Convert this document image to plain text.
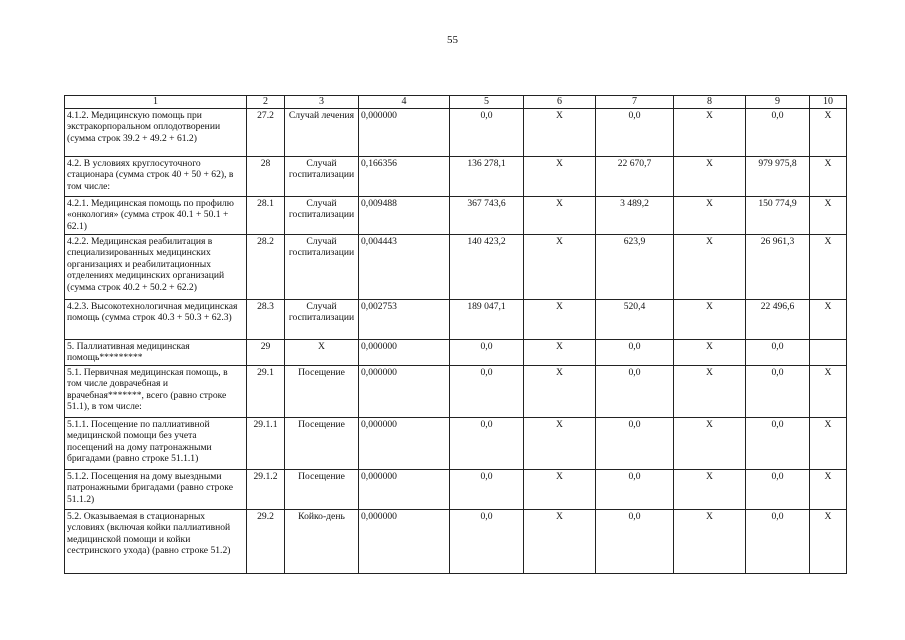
55
1	2	3	4	5	6	7	8	9	10
4.1.2. Медицинскую помощь при экстракорпоральном оплодотворении (сумма строк 39.2 + 49.2 + 61.2)	27.2	Случай лечения	0,000000	0,0	Х	0,0	Х	0,0	Х
4.2. В условиях круглосуточного стационара (сумма строк 40 + 50 + 62), в том числе:	28	Случай госпитализации	0,166356	136 278,1	Х	22 670,7	Х	979 975,8	Х
4.2.1. Медицинская помощь по профилю «онкология» (сумма строк 40.1 + 50.1 + 62.1)	28.1	Случай госпитализации	0,009488	367 743,6	Х	3 489,2	Х	150 774,9	Х
4.2.2. Медицинская реабилитация в специализированных медицинских организациях и реабилитационных отделениях медицинских организаций (сумма строк 40.2 + 50.2 + 62.2)	28.2	Случай госпитализации	0,004443	140 423,2	Х	623,9	Х	26 961,3	Х
4.2.3. Высокотехнологичная медицинская помощь (сумма строк 40.3 + 50.3 + 62.3)	28.3	Случай госпитализации	0,002753	189 047,1	Х	520,4	Х	22 496,6	Х
5. Паллиативная медицинская помощь*********	29	Х	0,000000	0,0	Х	0,0	Х	0,0	
5.1. Первичная медицинская помощь, в том числе доврачебная и врачебная*******, всего (равно строке 51.1), в том числе:	29.1	Посещение	0,000000	0,0	Х	0,0	Х	0,0	Х
5.1.1. Посещение по паллиативной медицинской помощи без учета посещений на дому патронажными бригадами (равно строке 51.1.1)	29.1.1	Посещение	0,000000	0,0	Х	0,0	Х	0,0	Х
5.1.2. Посещения на дому выездными патронажными бригадами (равно строке 51.1.2)	29.1.2	Посещение	0,000000	0,0	Х	0,0	Х	0,0	Х
5.2. Оказываемая в стационарных условиях (включая койки паллиативной медицинской помощи и койки сестринского ухода) (равно строке 51.2)	29.2	Койко-день	0,000000	0,0	Х	0,0	Х	0,0	Х
